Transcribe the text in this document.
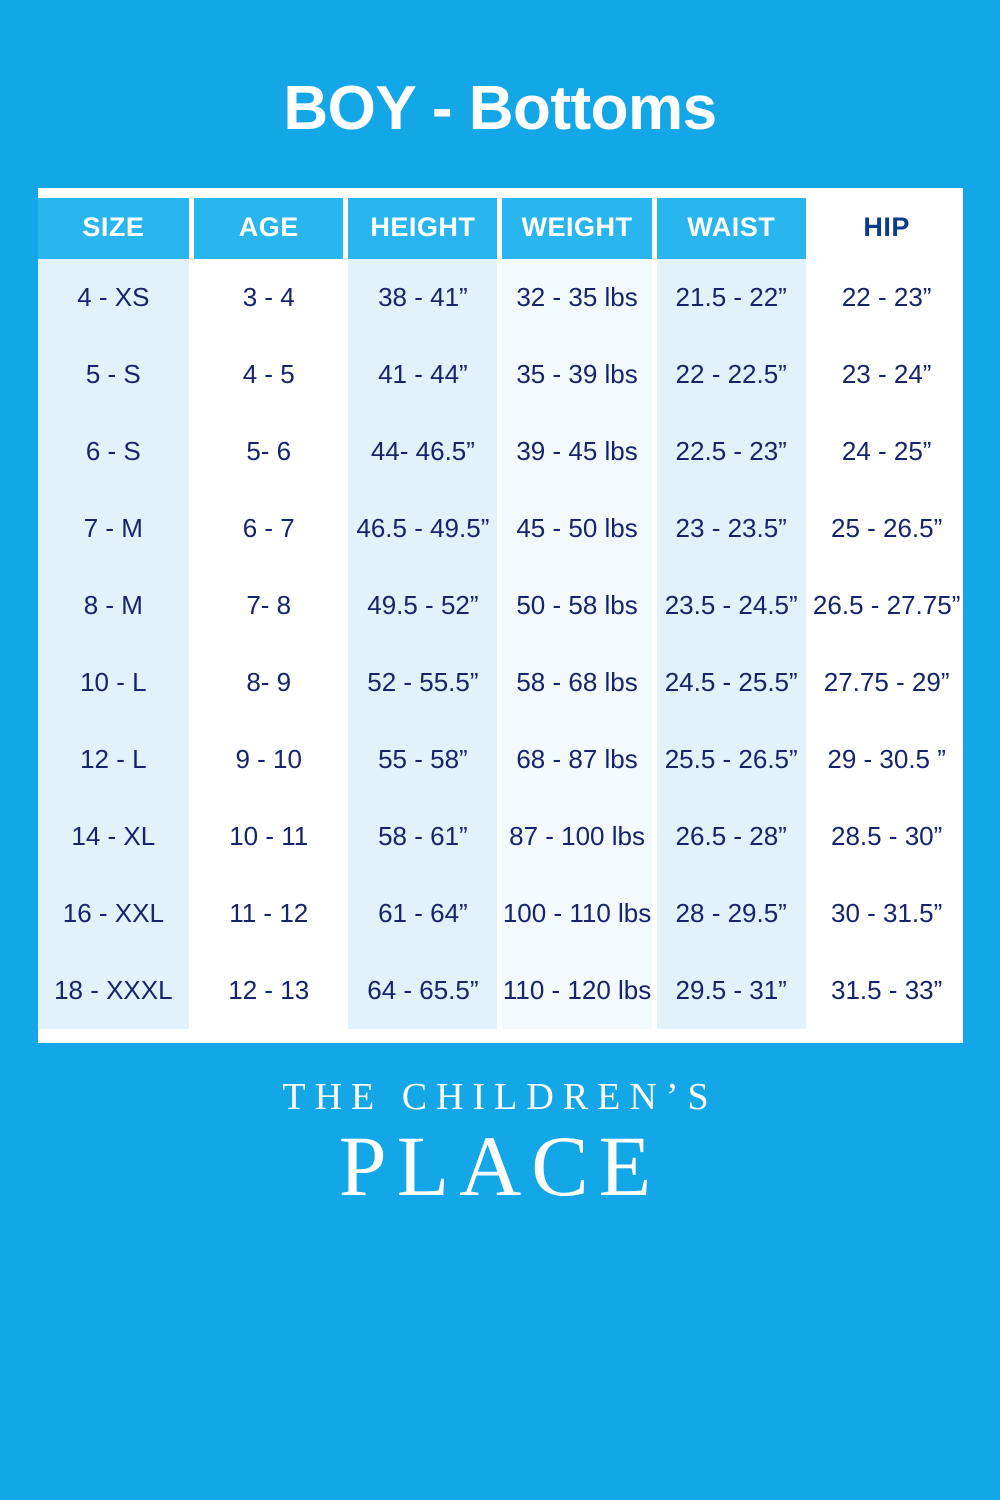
BOY - Bottoms
SIZE	AGE	HEIGHT	WEIGHT	WAIST	HIP
4 - XS	3 - 4	38 - 41”	32 - 35 lbs	21.5 - 22”	22 - 23”
5 - S	4 - 5	41 - 44”	35 - 39 lbs	22 - 22.5”	23 - 24”
6 - S	5- 6	44- 46.5”	39 - 45 lbs	22.5 - 23”	24 - 25”
7 - M	6 - 7	46.5 - 49.5”	45 - 50 lbs	23 - 23.5”	25 - 26.5”
8 - M	7- 8	49.5 - 52”	50 - 58 lbs	23.5 - 24.5”	26.5 - 27.75”
10 - L	8- 9	52 - 55.5”	58 - 68 lbs	24.5 - 25.5”	27.75 - 29”
12 - L	9 - 10	55 - 58”	68 - 87 lbs	25.5 - 26.5”	29 - 30.5 ”
14 - XL	10 - 11	58 - 61”	87 - 100 lbs	26.5 - 28”	28.5 - 30”
16 - XXL	11 - 12	61 - 64”	100 - 110 lbs	28 - 29.5”	30 - 31.5”
18 - XXXL	12 - 13	64 - 65.5”	110 - 120 lbs	29.5 - 31”	31.5 - 33”
THE CHILDREN’S
PLACE
